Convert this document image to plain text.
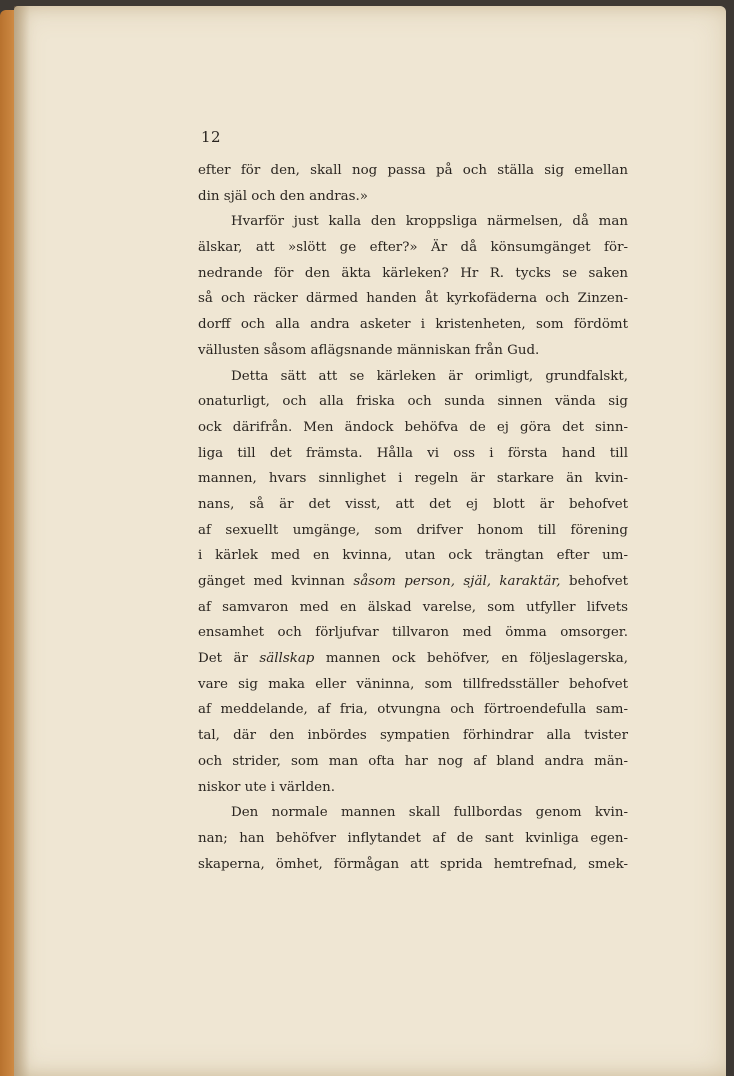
12
efter för den, skall nog passa på och ställa sig emellan
din själ och den andras.»
Hvarför just kalla den kroppsliga närmelsen, då man
älskar, att »slött ge efter?» Är då könsumgänget för-
nedrande för den äkta kärleken? Hr R. tycks se saken
så och räcker därmed handen åt kyrkofäderna och Zinzen-
dorff och alla andra asketer i kristenheten, som fördömt
vällusten såsom aflägsnande människan från Gud.
Detta sätt att se kärleken är orimligt, grundfalskt,
onaturligt, och alla friska och sunda sinnen vända sig
ock därifrån. Men ändock behöfva de ej göra det sinn-
liga till det främsta. Hålla vi oss i första hand till
mannen, hvars sinnlighet i regeln är starkare än kvin-
nans, så är det visst, att det ej blott är behofvet
af sexuellt umgänge, som drifver honom till förening
i kärlek med en kvinna, utan ock trängtan efter um-
gänget med kvinnan såsom person, själ, karaktär, behofvet
af samvaron med en älskad varelse, som utfyller lifvets
ensamhet och förljufvar tillvaron med ömma omsorger.
Det är sällskap mannen ock behöfver, en följeslagerska,
vare sig maka eller väninna, som tillfredsställer behofvet
af meddelande, af fria, otvungna och förtroendefulla sam-
tal, där den inbördes sympatien förhindrar alla tvister
och strider, som man ofta har nog af bland andra män-
niskor ute i världen.
Den normale mannen skall fullbordas genom kvin-
nan; han behöfver inflytandet af de sant kvinliga egen-
skaperna, ömhet, förmågan att sprida hemtrefnad, smek-
